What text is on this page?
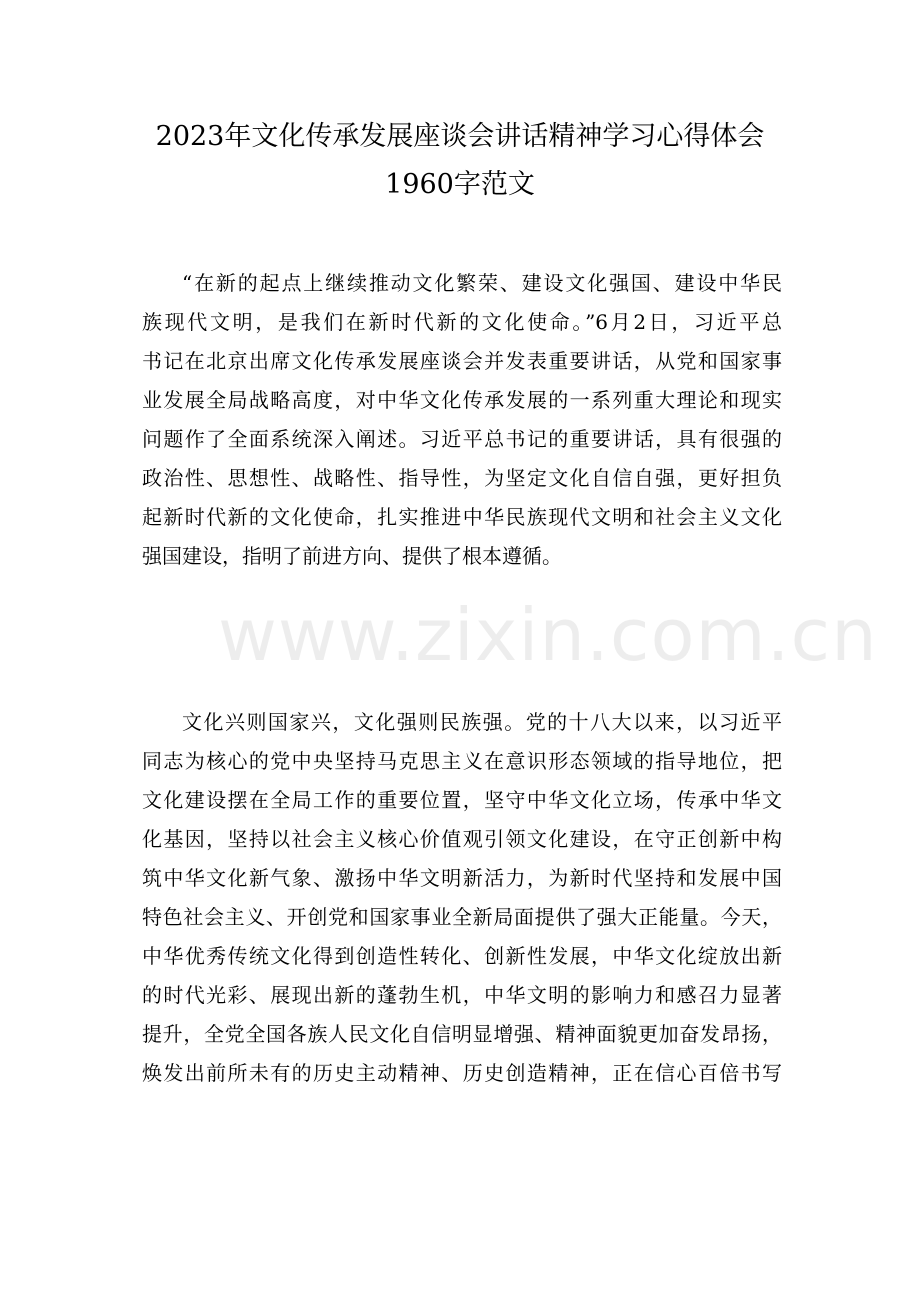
2023年文化传承发展座谈会讲话精神学习心得体会
1960字范文
“在新的起点上继续推动文化繁荣、建设文化强国、建设中华民
族现代文明，是我们在新时代新的文化使命。”6月2日，习近平总
书记在北京出席文化传承发展座谈会并发表重要讲话，从党和国家事
业发展全局战略高度，对中华文化传承发展的一系列重大理论和现实
问题作了全面系统深入阐述。习近平总书记的重要讲话，具有很强的
政治性、思想性、战略性、指导性，为坚定文化自信自强，更好担负
起新时代新的文化使命，扎实推进中华民族现代文明和社会主义文化
强国建设，指明了前进方向、提供了根本遵循。
文化兴则国家兴，文化强则民族强。党的十八大以来，以习近平
同志为核心的党中央坚持马克思主义在意识形态领域的指导地位，把
文化建设摆在全局工作的重要位置，坚守中华文化立场，传承中华文
化基因，坚持以社会主义核心价值观引领文化建设，在守正创新中构
筑中华文化新气象、激扬中华文明新活力，为新时代坚持和发展中国
特色社会主义、开创党和国家事业全新局面提供了强大正能量。今天，
中华优秀传统文化得到创造性转化、创新性发展，中华文化绽放出新
的时代光彩、展现出新的蓬勃生机，中华文明的影响力和感召力显著
提升，全党全国各族人民文化自信明显增强、精神面貌更加奋发昂扬，
焕发出前所未有的历史主动精神、历史创造精神，正在信心百倍书写
www.zixin.com.cn
